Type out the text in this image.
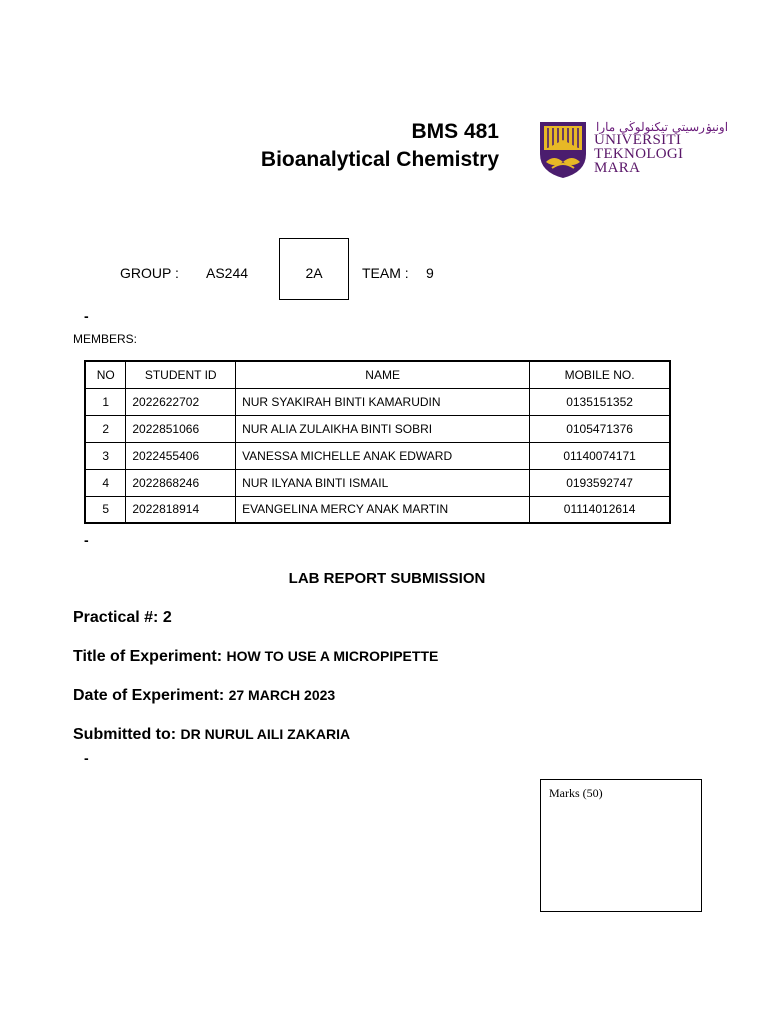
BMS 481
Bioanalytical Chemistry
اونيۏرسيتي تيكنولوڬي مارا
UNIVERSITI
TEKNOLOGI
MARA
GROUP : AS244	2A	TEAM : 9
-
MEMBERS:
NO	STUDENT ID	NAME	MOBILE NO.
1	2022622702	NUR SYAKIRAH BINTI KAMARUDIN	0135151352
2	2022851066	NUR ALIA ZULAIKHA BINTI SOBRI	0105471376
3	2022455406	VANESSA MICHELLE ANAK EDWARD	01140074171
4	2022868246	NUR ILYANA BINTI ISMAIL	0193592747
5	2022818914	EVANGELINA MERCY ANAK MARTIN	01114012614
-
LAB REPORT SUBMISSION
Practical #: 2
Title of Experiment: HOW TO USE A MICROPIPETTE
Date of Experiment: 27 MARCH 2023
Submitted to: DR NURUL AILI ZAKARIA
-
Marks (50)
